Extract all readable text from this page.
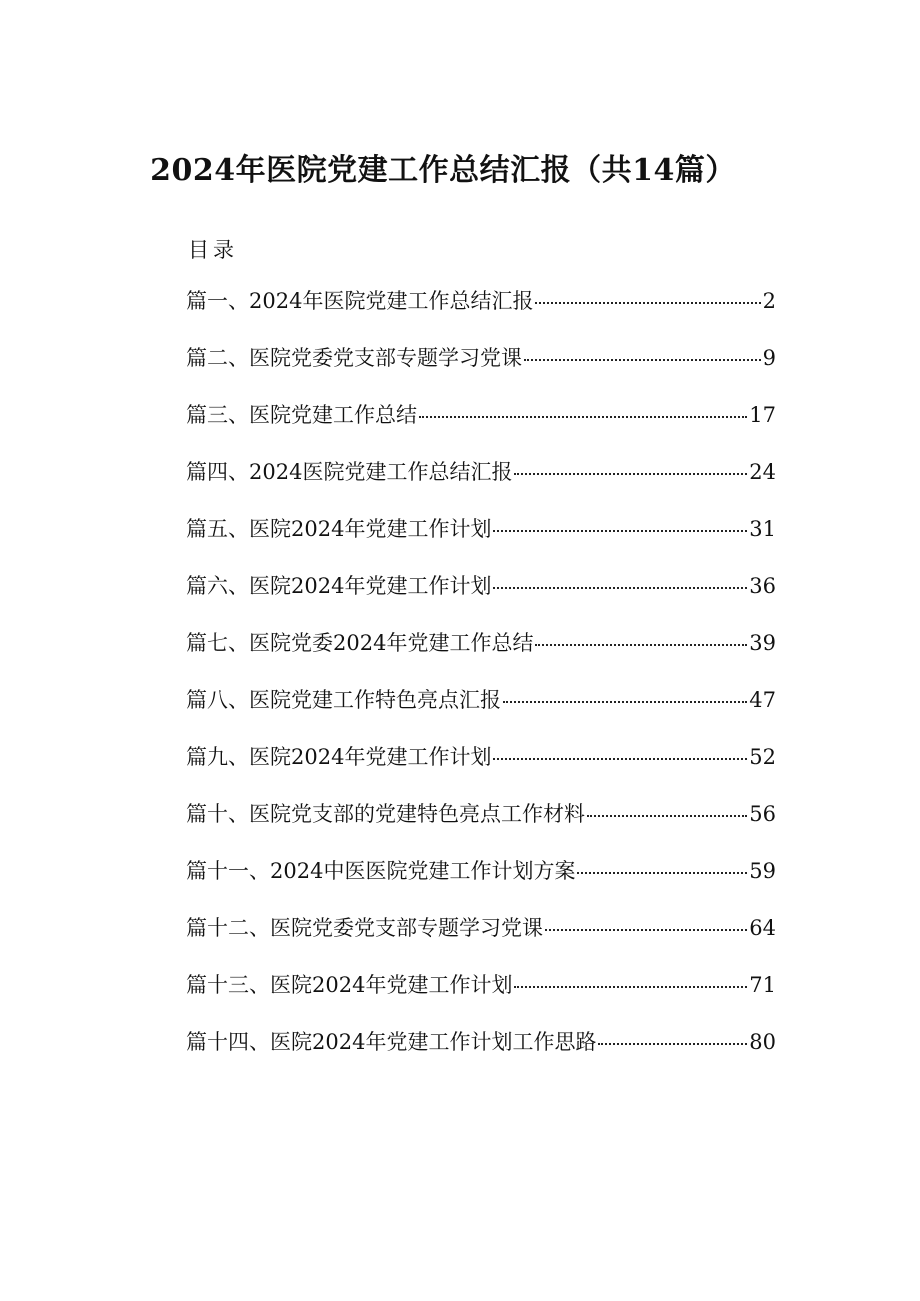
2024年医院党建工作总结汇报（共14篇）
目录
篇一、2024年医院党建工作总结汇报	2
篇二、医院党委党支部专题学习党课	9
篇三、医院党建工作总结	17
篇四、2024医院党建工作总结汇报	24
篇五、医院2024年党建工作计划	31
篇六、医院2024年党建工作计划	36
篇七、医院党委2024年党建工作总结	39
篇八、医院党建工作特色亮点汇报	47
篇九、医院2024年党建工作计划	52
篇十、医院党支部的党建特色亮点工作材料	56
篇十一、2024中医医院党建工作计划方案	59
篇十二、医院党委党支部专题学习党课	64
篇十三、医院2024年党建工作计划	71
篇十四、医院2024年党建工作计划工作思路	80
